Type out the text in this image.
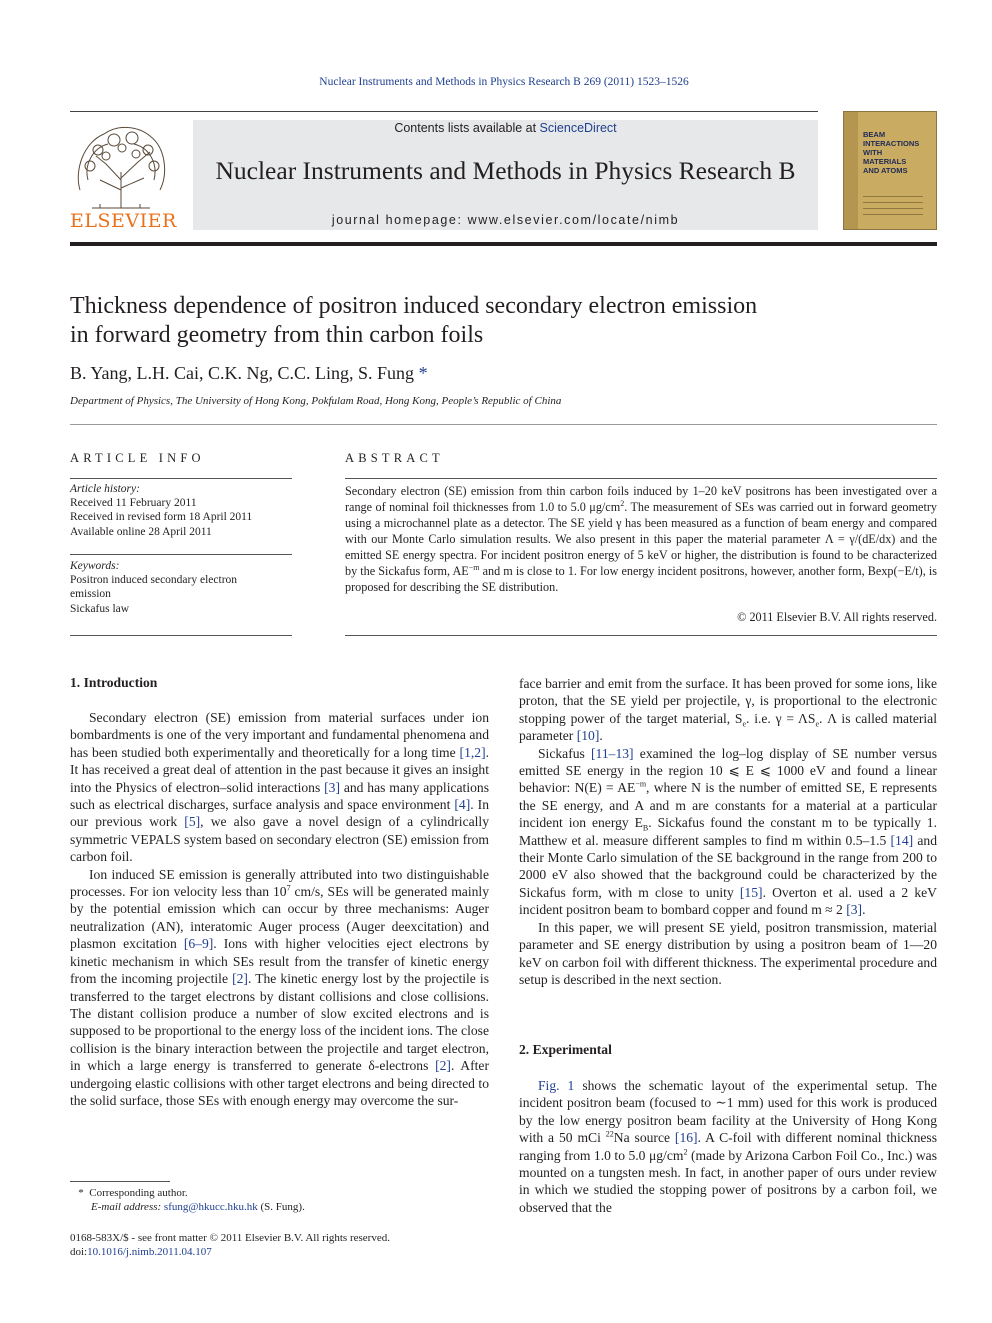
Nuclear Instruments and Methods in Physics Research B 269 (2011) 1523–1526
ELSEVIER
Contents lists available at ScienceDirect
Nuclear Instruments and Methods in Physics Research B
journal homepage: www.elsevier.com/locate/nimb
BEAM
INTERACTIONS
WITH
MATERIALS
AND ATOMS
Thickness dependence of positron induced secondary electron emission
in forward geometry from thin carbon foils
B. Yang, L.H. Cai, C.K. Ng, C.C. Ling, S. Fung *
Department of Physics, The University of Hong Kong, Pokfulam Road, Hong Kong, People’s Republic of China
ARTICLE INFO
Article history:
Received 11 February 2011
Received in revised form 18 April 2011
Available online 28 April 2011
Keywords:
Positron induced secondary electron
emission
Sickafus law
ABSTRACT
Secondary electron (SE) emission from thin carbon foils induced by 1–20 keV positrons has been investigated over a range of nominal foil thicknesses from 1.0 to 5.0 $\mu g/cm^2$. The measurement of SEs was carried out in forward geometry using a microchannel plate as a detector. The SE yield γ has been measured as a function of beam energy and compared with our Monte Carlo simulation results. We also present in this paper the material parameter Λ = γ/(dE/dx) and the emitted SE energy spectra. For incident positron energy of 5 keV or higher, the distribution is found to be characterized by the Sickafus form, $AE^{-m}$ and m is close to 1. For low energy incident positrons, however, another form, Bexp(−E/t), is proposed for describing the SE distribution.
© 2011 Elsevier B.V. All rights reserved.
1. Introduction

Secondary electron (SE) emission from material surfaces under ion bombardments is one of the very important and fundamental phenomena and has been studied both experimentally and theoretically for a long time [1,2]. It has received a great deal of attention in the past because it gives an insight into the Physics of electron–solid interactions [3] and has many applications such as electrical discharges, surface analysis and space environment [4]. In our previous work [5], we also gave a novel design of a cylindrically symmetric VEPALS system based on secondary electron (SE) emission from carbon foil.

Ion induced SE emission is generally attributed into two distinguishable processes. For ion velocity less than $10^7$ cm/s, SEs will be generated mainly by the potential emission which can occur by three mechanisms: Auger neutralization (AN), interatomic Auger process (Auger deexcitation) and plasmon excitation [6–9]. Ions with higher velocities eject electrons by kinetic mechanism in which SEs result from the transfer of kinetic energy from the incoming projectile [2]. The kinetic energy lost by the projectile is transferred to the target electrons by distant collisions and close collisions. The distant collision produce a number of slow excited electrons and is supposed to be proportional to the energy loss of the incident ions. The close collision is the binary interaction between the projectile and target electron, in which a large energy is transferred to generate δ-electrons [2]. After undergoing elastic collisions with other target electrons and being directed to the solid surface, those SEs with enough energy may overcome the sur-

face barrier and emit from the surface. It has been proved for some ions, like proton, that the SE yield per projectile, γ, is proportional to the electronic stopping power of the target material, $S_e$. i.e. $\gamma = \Lambda S_e$. Λ is called material parameter [10].

Sickafus [11–13] examined the log–log display of SE number versus emitted SE energy in the region 10 ⩽ E ⩽ 1000 eV and found a linear behavior: $N(E) = AE^{-m}$, where N is the number of emitted SE, E represents the SE energy, and A and m are constants for a material at a particular incident ion energy $E_B$. Sickafus found the constant m to be typically 1. Matthew et al. measure different samples to find m within 0.5–1.5 [14] and their Monte Carlo simulation of the SE background in the range from 200 to 2000 eV also showed that the background could be characterized by the Sickafus form, with m close to unity [15]. Overton et al. used a 2 keV incident positron beam to bombard copper and found m ≈ 2 [3].

In this paper, we will present SE yield, positron transmission, material parameter and SE energy distribution by using a positron beam of 1—20 keV on carbon foil with different thickness. The experimental procedure and setup is described in the next section.

2. Experimental

Fig. 1 shows the schematic layout of the experimental setup. The incident positron beam (focused to ∼1 mm) used for this work is produced by the low energy positron beam facility at the University of Hong Kong with a 50 mCi $^{22}$Na source [16]. A C-foil with different nominal thickness ranging from 1.0 to 5.0 $\mu g/cm^2$ (made by Arizona Carbon Foil Co., Inc.) was mounted on a tungsten mesh. In fact, in another paper of ours under review in which we studied the stopping power of positrons by a carbon foil, we observed that the

* Corresponding author.
E-mail address: sfung@hkucc.hku.hk (S. Fung).
0168-583X/$ - see front matter © 2011 Elsevier B.V. All rights reserved.
doi:10.1016/j.nimb.2011.04.107
